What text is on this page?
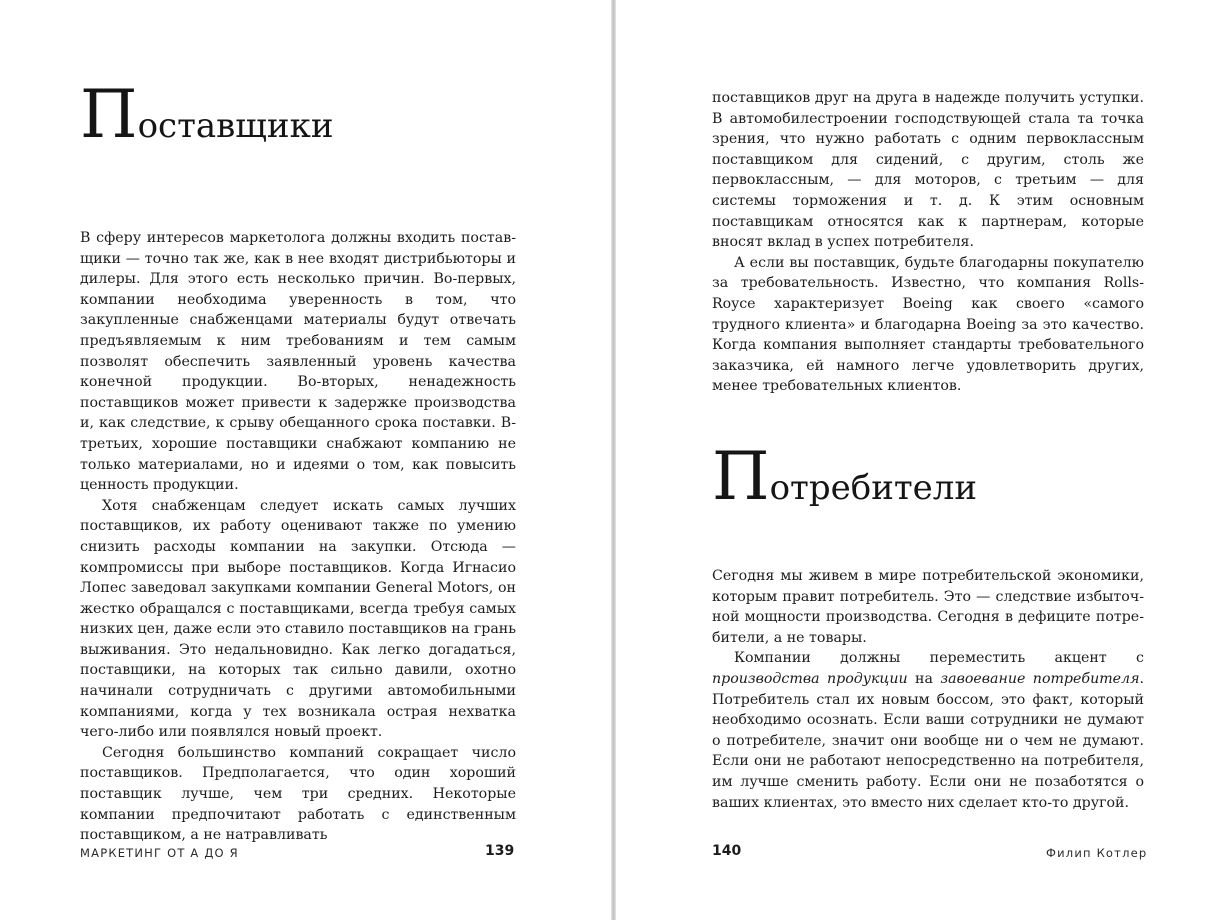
Поставщики

В сферу интересов маркетолога должны входить поставщики — точно так же, как в нее входят дистрибьюторы и дилеры. Для этого есть несколько причин. Во-первых, компании необходима уверенность в том, что закупленные снабженцами материалы будут отвечать предъявляемым к ним требованиям и тем самым позволят обеспечить заявленный уровень качества конечной продукции. Во-вторых, ненадежность поставщиков может привести к задержке производства и, как следствие, к срыву обещанного срока поставки. В-третьих, хорошие поставщики снабжают компанию не только материалами, но и идеями о том, как повысить ценность продукции.

Хотя снабженцам следует искать самых лучших поставщиков, их работу оценивают также по умению снизить расходы компании на закупки. Отсюда — компромиссы при выборе поставщиков. Когда Игнасио Лопес заведовал закупками компании General Motors, он жестко обращался с поставщиками, всегда требуя самых низких цен, даже если это ставило поставщиков на грань выживания. Это недальновидно. Как легко догадаться, поставщики, на которых так сильно давили, охотно начинали сотрудничать с другими автомобильными компаниями, когда у тех возникала острая нехватка чего-либо или появлялся новый проект.

Сегодня большинство компаний сокращает число поставщиков. Предполагается, что один хороший поставщик лучше, чем три средних. Некоторые компании предпочитают работать с единственным поставщиком, а не натравливать

МАРКЕТИНГ ОТ А ДО Я	139

поставщиков друг на друга в надежде получить уступки. В автомобилестроении господствующей стала та точка зрения, что нужно работать с одним первоклассным поставщиком для сидений, с другим, столь же первоклассным, — для моторов, с третьим — для системы торможения и т. д. К этим основным поставщикам относятся как к партнерам, которые вносят вклад в успех потребителя.

А если вы поставщик, будьте благодарны покупателю за требовательность. Известно, что компания Rolls-Royce характеризует Boeing как своего «самого трудного клиента» и благодарна Boeing за это качество. Когда компания выполняет стандарты требовательного заказчика, ей намного легче удовлетворить других, менее требовательных клиентов.

Потребители

Сегодня мы живем в мире потребительской экономики, которым правит потребитель. Это — следствие избыточной мощности производства. Сегодня в дефиците потребители, а не товары.

Компании должны переместить акцент с производства продукции на завоевание потребителя. Потребитель стал их новым боссом, это факт, который необходимо осознать. Если ваши сотрудники не думают о потребителе, значит они вообще ни о чем не думают. Если они не работают непосредственно на потребителя, им лучше сменить работу. Если они не позаботятся о ваших клиентах, это вместо них сделает кто-то другой.

140	Филип Котлер
